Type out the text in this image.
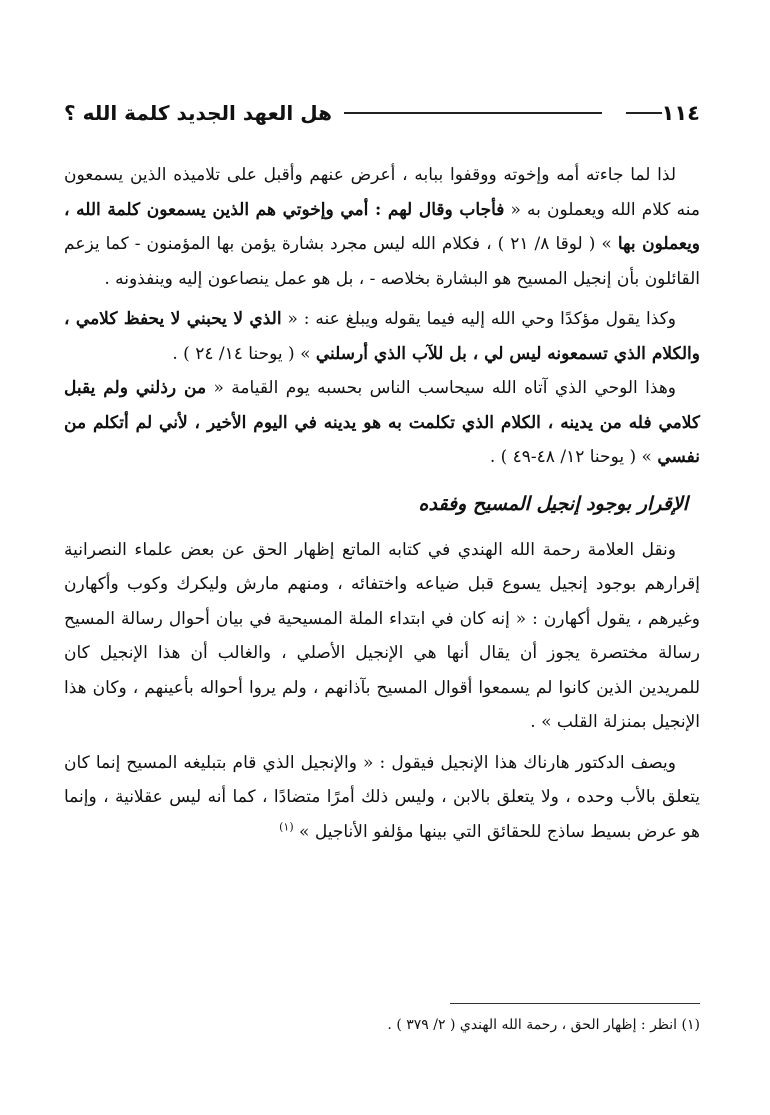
١١٤
هل العهد الجديد كلمة الله ؟

لذا لما جاءته أمه وإخوته ووقفوا ببابه ، أعرض عنهم وأقبل على تلاميذه الذين يسمعون منه كلام الله ويعملون به « فأجاب وقال لهم : أمي وإخوتي هم الذين يسمعون كلمة الله ، ويعملون بها » ( لوقا ٨/ ٢١ ) ، فكلام الله ليس مجرد بشارة يؤمن بها المؤمنون - كما يزعم القائلون بأن إنجيل المسيح هو البشارة بخلاصه - ، بل هو عمل ينصاعون إليه وينفذونه .

وكذا يقول مؤكدًا وحي الله إليه فيما يقوله ويبلغ عنه : « الذي لا يحبني لا يحفظ كلامي ، والكلام الذي تسمعونه ليس لي ، بل للآب الذي أرسلني » ( يوحنا ١٤/ ٢٤ ) .

وهذا الوحي الذي آتاه الله سيحاسب الناس بحسبه يوم القيامة « من رذلني ولم يقبل كلامي فله من يدينه ، الكلام الذي تكلمت به هو يدينه في اليوم الأخير ، لأني لم أتكلم من نفسي » ( يوحنا ١٢/ ٤٨-٤٩ ) .

الإقرار بوجود إنجيل المسيح وفقده

ونقل العلامة رحمة الله الهندي في كتابه الماتع إظهار الحق عن بعض علماء النصرانية إقرارهم بوجود إنجيل يسوع قبل ضياعه واختفائه ، ومنهم مارش وليكرك وكوب وأكهارن وغيرهم ، يقول أكهارن : « إنه كان في ابتداء الملة المسيحية في بيان أحوال رسالة المسيح رسالة مختصرة يجوز أن يقال أنها هي الإنجيل الأصلي ، والغالب أن هذا الإنجيل كان للمريدين الذين كانوا لم يسمعوا أقوال المسيح بآذانهم ، ولم يروا أحواله بأعينهم ، وكان هذا الإنجيل بمنزلة القلب » .

ويصف الدكتور هارناك هذا الإنجيل فيقول : « والإنجيل الذي قام بتبليغه المسيح إنما كان يتعلق بالأب وحده ، ولا يتعلق بالابن ، وليس ذلك أمرًا متضادًا ، كما أنه ليس عقلانية ، وإنما هو عرض بسيط ساذج للحقائق التي بينها مؤلفو الأناجيل » $^{(١)}$

(١) انظر : إظهار الحق ، رحمة الله الهندي ( ٢/ ٣٧٩ ) .
